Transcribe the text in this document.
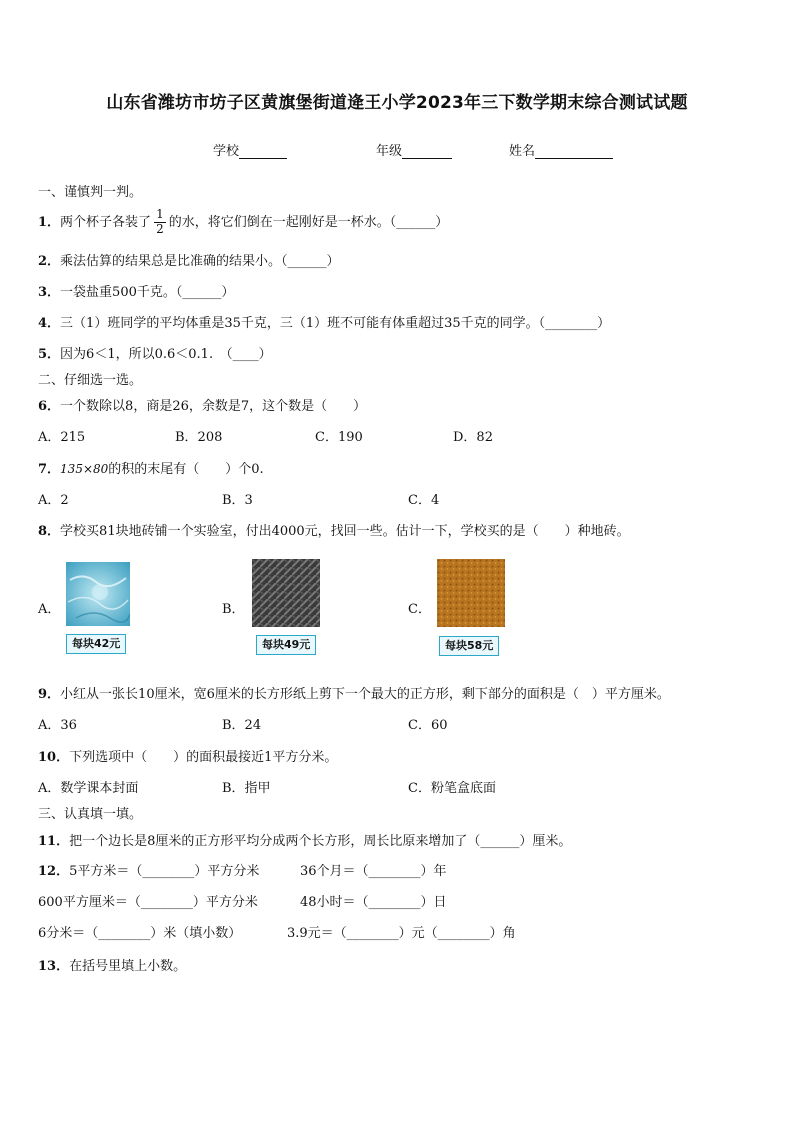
山东省潍坊市坊子区黄旗堡街道逄王小学2023年三下数学期末综合测试试题
学校	年级	姓名
一、谨慎判一判。
1．两个杯子各装了 $\frac{1}{2}$ 的水，将它们倒在一起刚好是一杯水。（______）
2．乘法估算的结果总是比准确的结果小。（______）
3．一袋盐重500千克。（______）
4．三（1）班同学的平均体重是35千克，三（1）班不可能有体重超过35千克的同学。（________）
5．因为6＜1，所以0.6＜0.1.　（____）
二、仔细选一选。
6．一个数除以8，商是26，余数是7，这个数是（　　）
A．215	B．208	C．190	D．82
7．135×80的积的末尾有（　　）个0.
A．2	B．3	C．4
8．学校买81块地砖铺一个实验室，付出4000元，找回一些。估计一下，学校买的是（　　）种地砖。
A．
每块42元
B．
每块49元
C．
每块58元
9．小红从一张长10厘米，宽6厘米的长方形纸上剪下一个最大的正方形，剩下部分的面积是（　）平方厘米。
A．36	B．24	C．60
10．下列选项中（　　）的面积最接近1平方分米。
A．数学课本封面	B．指甲	C．粉笔盒底面
三、认真填一填。
11．把一个边长是8厘米的正方形平均分成两个长方形，周长比原来增加了（______）厘米。
12．5平方米＝（________）平方分米	36个月＝（________）年
600平方厘米＝（________）平方分米	48小时＝（________）日
6分米＝（________）米（填小数）	3.9元＝（________）元（________）角
13．在括号里填上小数。
